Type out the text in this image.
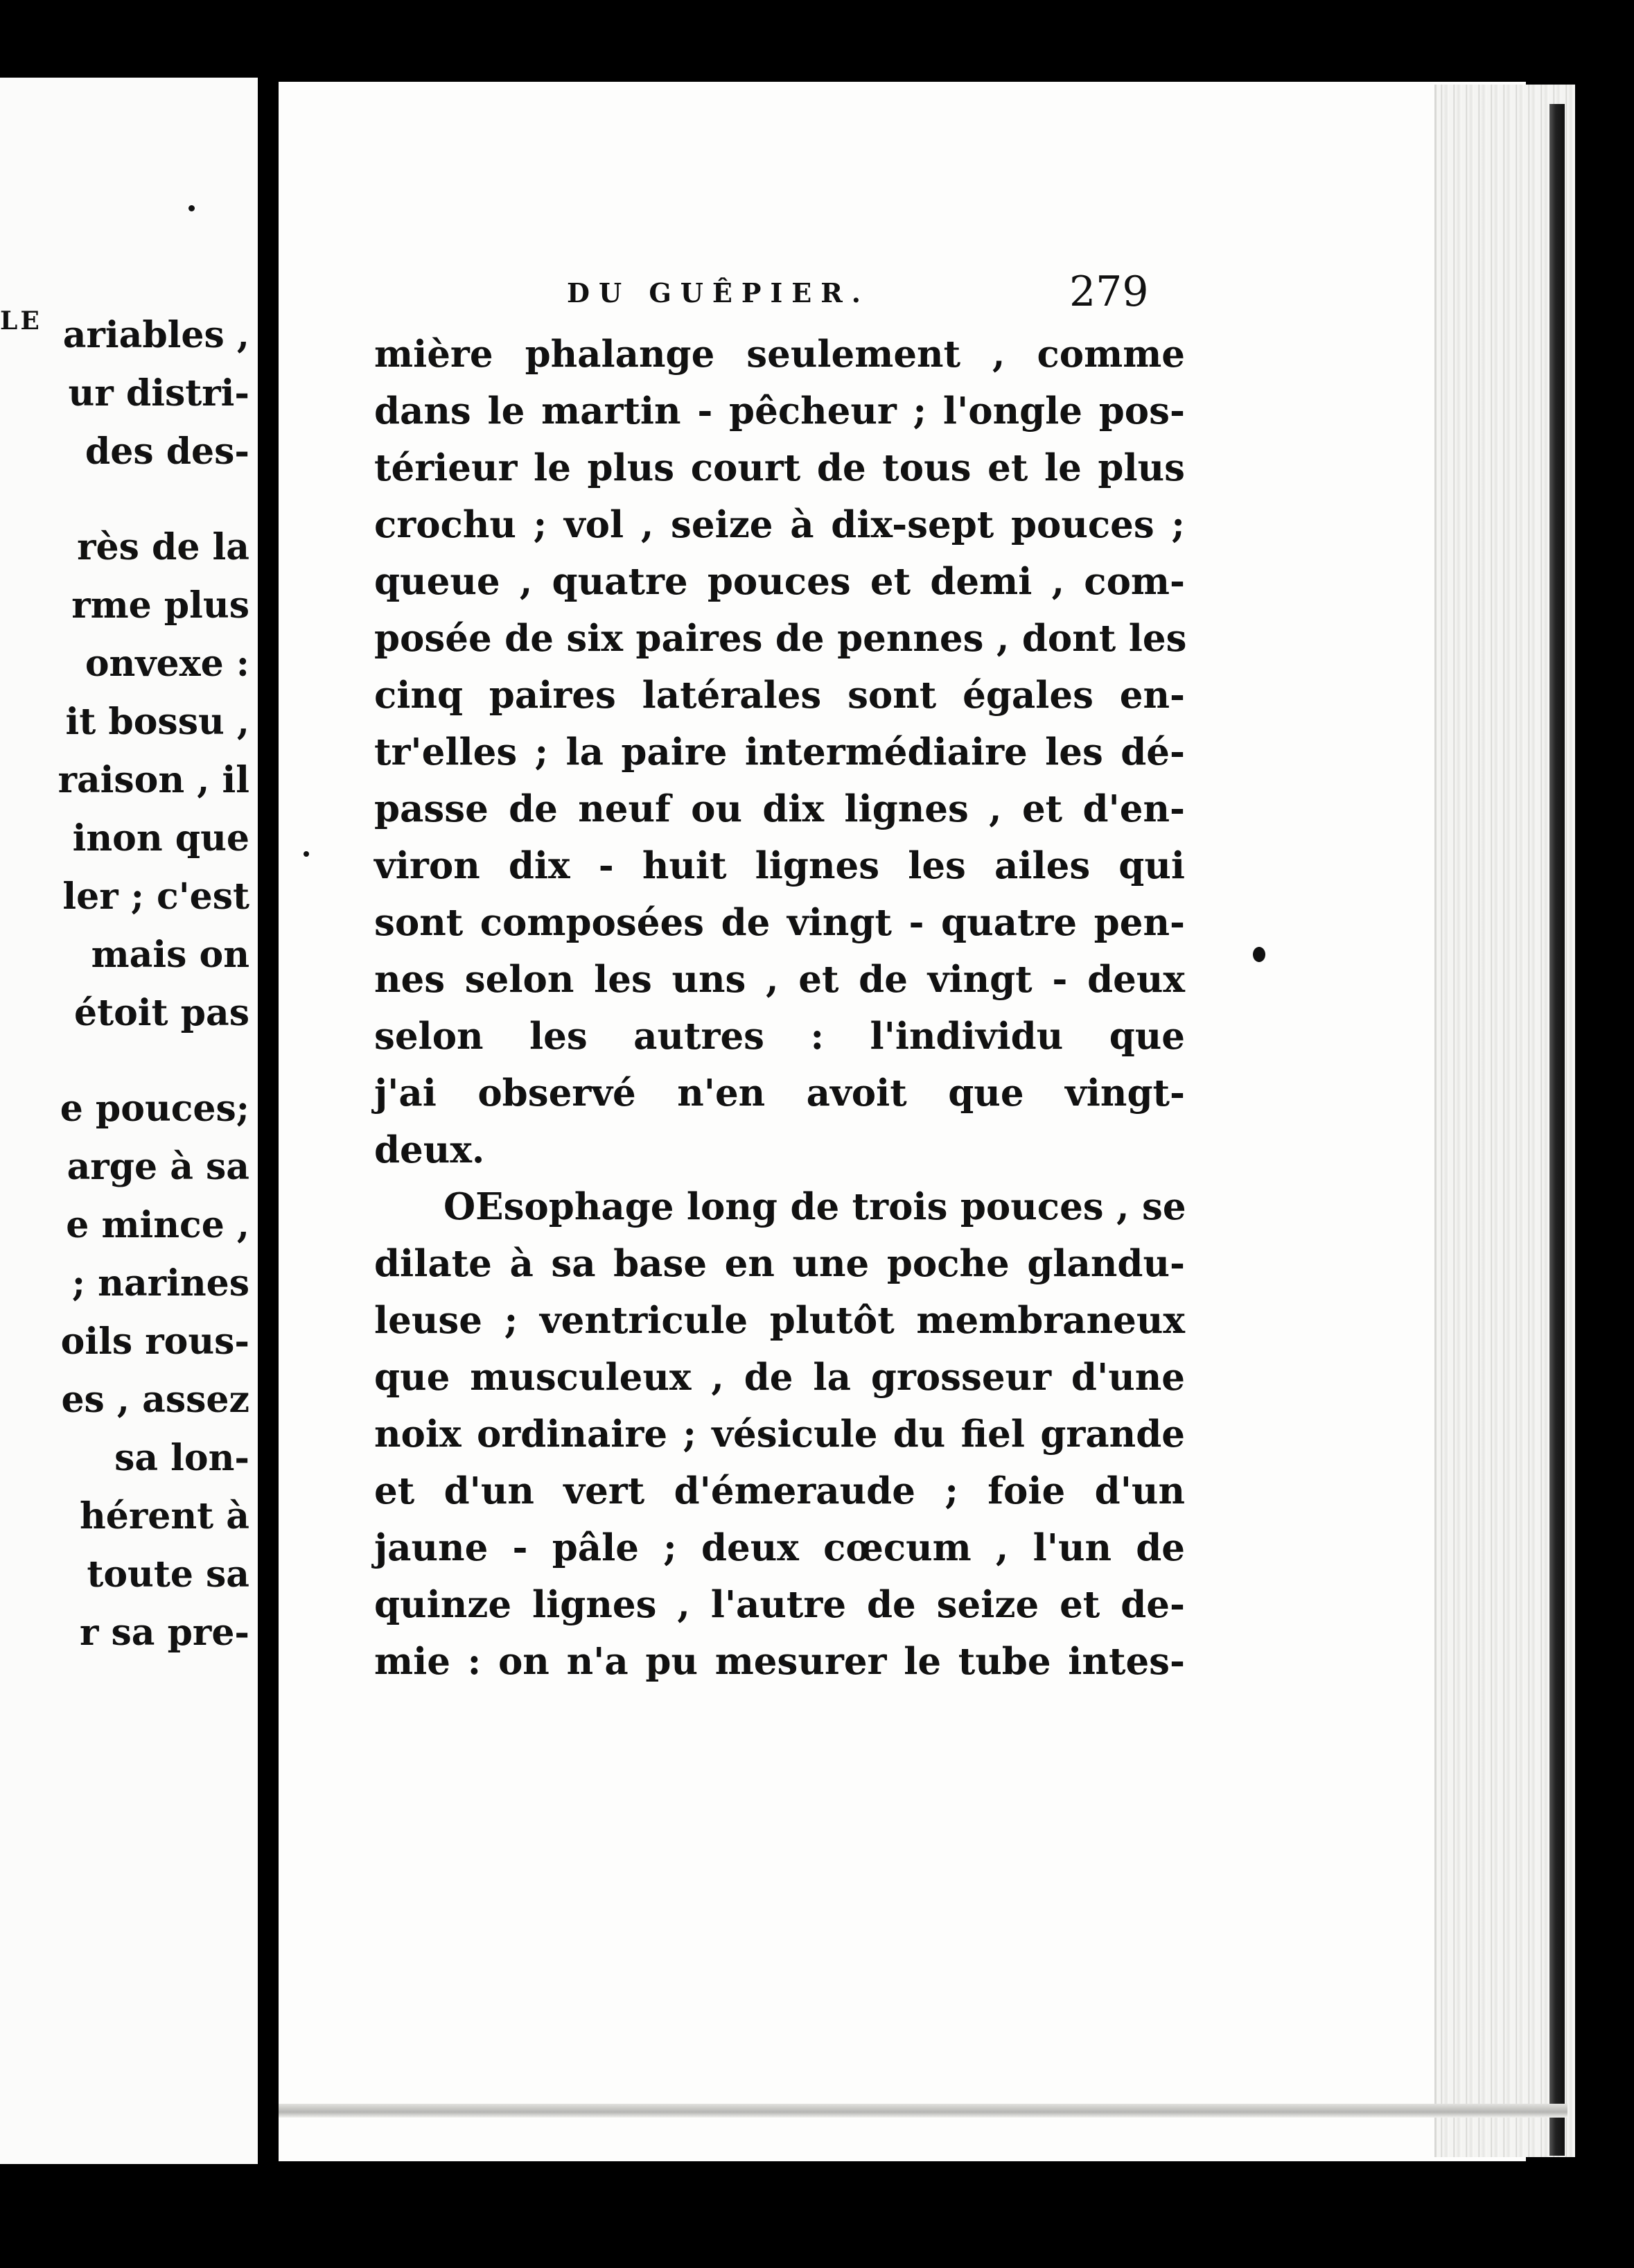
LE ariables ,
ur distri-
des des-
rès de la
rme plus
onvexe :
it bossu ,
raison , il
inon que
ler ; c'est
mais on
étoit pas
e pouces;
arge à sa
e mince ,
; narines
oils rous-
es , assez
sa lon-
hérent à
toute sa
r sa pre-
DU GUÊPIER.	279
mière phalange seulement , comme
dans le martin - pêcheur ; l'ongle pos-
térieur le plus court de tous et le plus
crochu ; vol , seize à dix-sept pouces ;
queue , quatre pouces et demi , com-
posée de six paires de pennes , dont les
cinq paires latérales sont égales en-
tr'elles ; la paire intermédiaire les dé-
passe de neuf ou dix lignes , et d'en-
viron dix - huit lignes les ailes qui
sont composées de vingt - quatre pen-
nes selon les uns , et de vingt - deux
selon les autres : l'individu que
j'ai observé n'en avoit que vingt-
deux.
OEsophage long de trois pouces , se
dilate à sa base en une poche glandu-
leuse ; ventricule plutôt membraneux
que musculeux , de la grosseur d'une
noix ordinaire ; vésicule du fiel grande
et d'un vert d'émeraude ; foie d'un
jaune - pâle ; deux cœcum , l'un de
quinze lignes , l'autre de seize et de-
mie : on n'a pu mesurer le tube intes-
